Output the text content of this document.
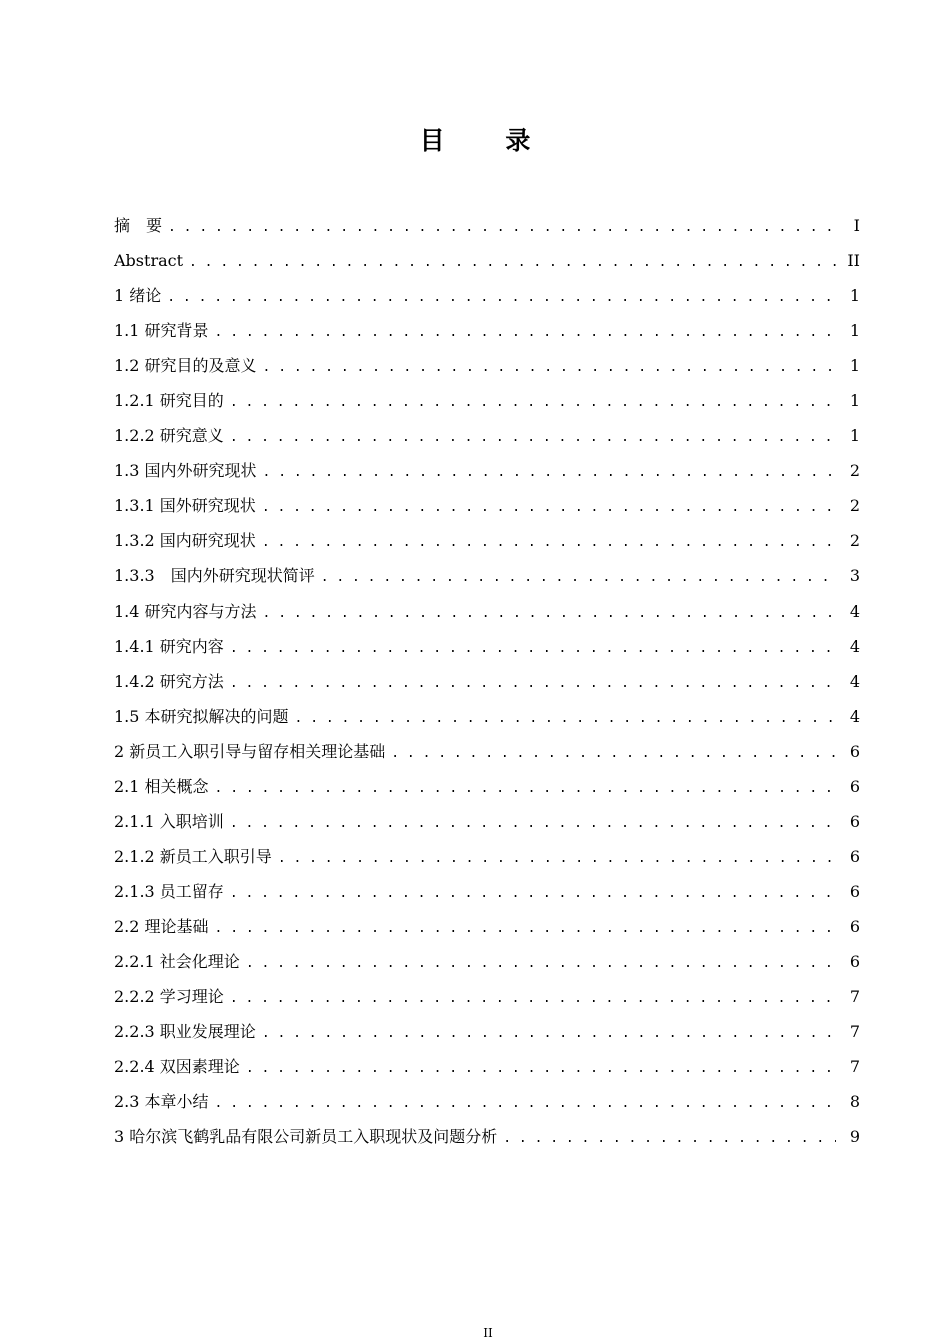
目 录
摘　要 . . .	I
Abstract . . .	II
1 绪论 . . .	1
1.1 研究背景 . . .	1
1.2 研究目的及意义 . . .	1
1.2.1 研究目的 . . .	1
1.2.2 研究意义 . . .	1
1.3 国内外研究现状 . . .	2
1.3.1 国外研究现状 . . .	2
1.3.2 国内研究现状 . . .	2
1.3.3　国内外研究现状简评 . . .	3
1.4 研究内容与方法 . . .	4
1.4.1 研究内容 . . .	4
1.4.2 研究方法 . . .	4
1.5 本研究拟解决的问题 . . .	4
2 新员工入职引导与留存相关理论基础 . . .	6
2.1 相关概念 . . .	6
2.1.1 入职培训 . . .	6
2.1.2 新员工入职引导 . . .	6
2.1.3 员工留存 . . .	6
2.2 理论基础 . . .	6
2.2.1 社会化理论 . . .	6
2.2.2 学习理论 . . .	7
2.2.3 职业发展理论 . . .	7
2.2.4 双因素理论 . . .	7
2.3 本章小结 . . .	8
3 哈尔滨飞鹤乳品有限公司新员工入职现状及问题分析 . . .	9
II
